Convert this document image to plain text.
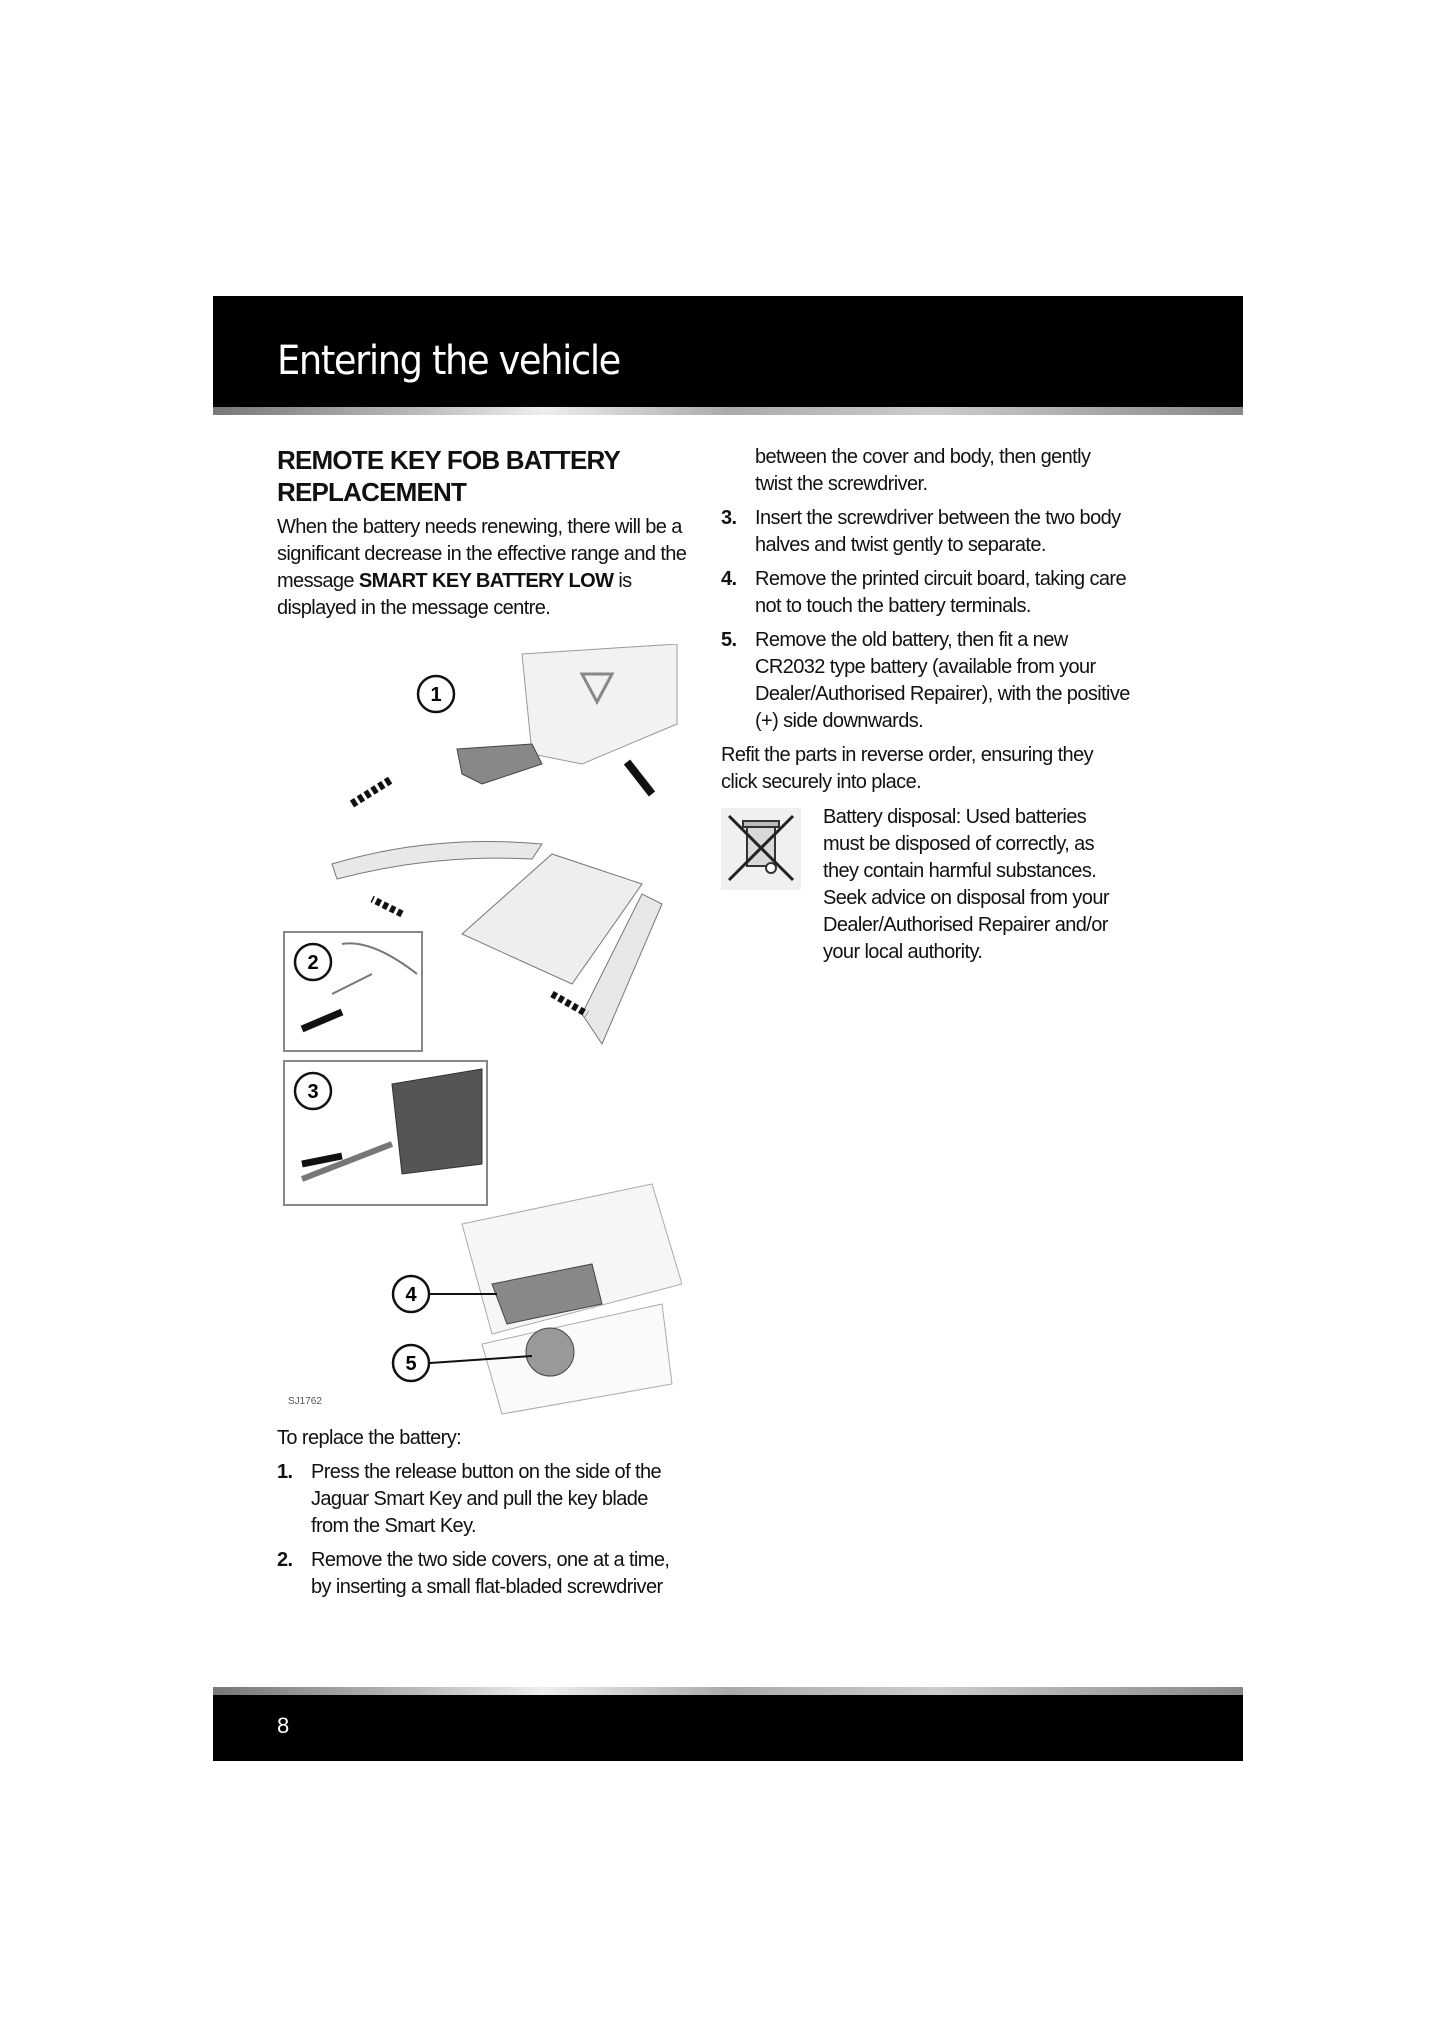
Entering the vehicle
REMOTE KEY FOB BATTERY REPLACEMENT

When the battery needs renewing, there will be a significant decrease in the effective range and the message SMART KEY BATTERY LOW is displayed in the message centre.

1
2
3
4
5
SJ1762

To replace the battery:

1. Press the release button on the side of the Jaguar Smart Key and pull the key blade from the Smart Key.
2. Remove the two side covers, one at a time, by inserting a small flat-bladed screwdriver
between the cover and body, then gently twist the screwdriver.
3. Insert the screwdriver between the two body halves and twist gently to separate.
4. Remove the printed circuit board, taking care not to touch the battery terminals.
5. Remove the old battery, then fit a new CR2032 type battery (available from your Dealer/Authorised Repairer), with the positive (+) side downwards.

Refit the parts in reverse order, ensuring they click securely into place.

Battery disposal: Used batteries must be disposed of correctly, as they contain harmful substances. Seek advice on disposal from your Dealer/Authorised Repairer and/or your local authority.
8
